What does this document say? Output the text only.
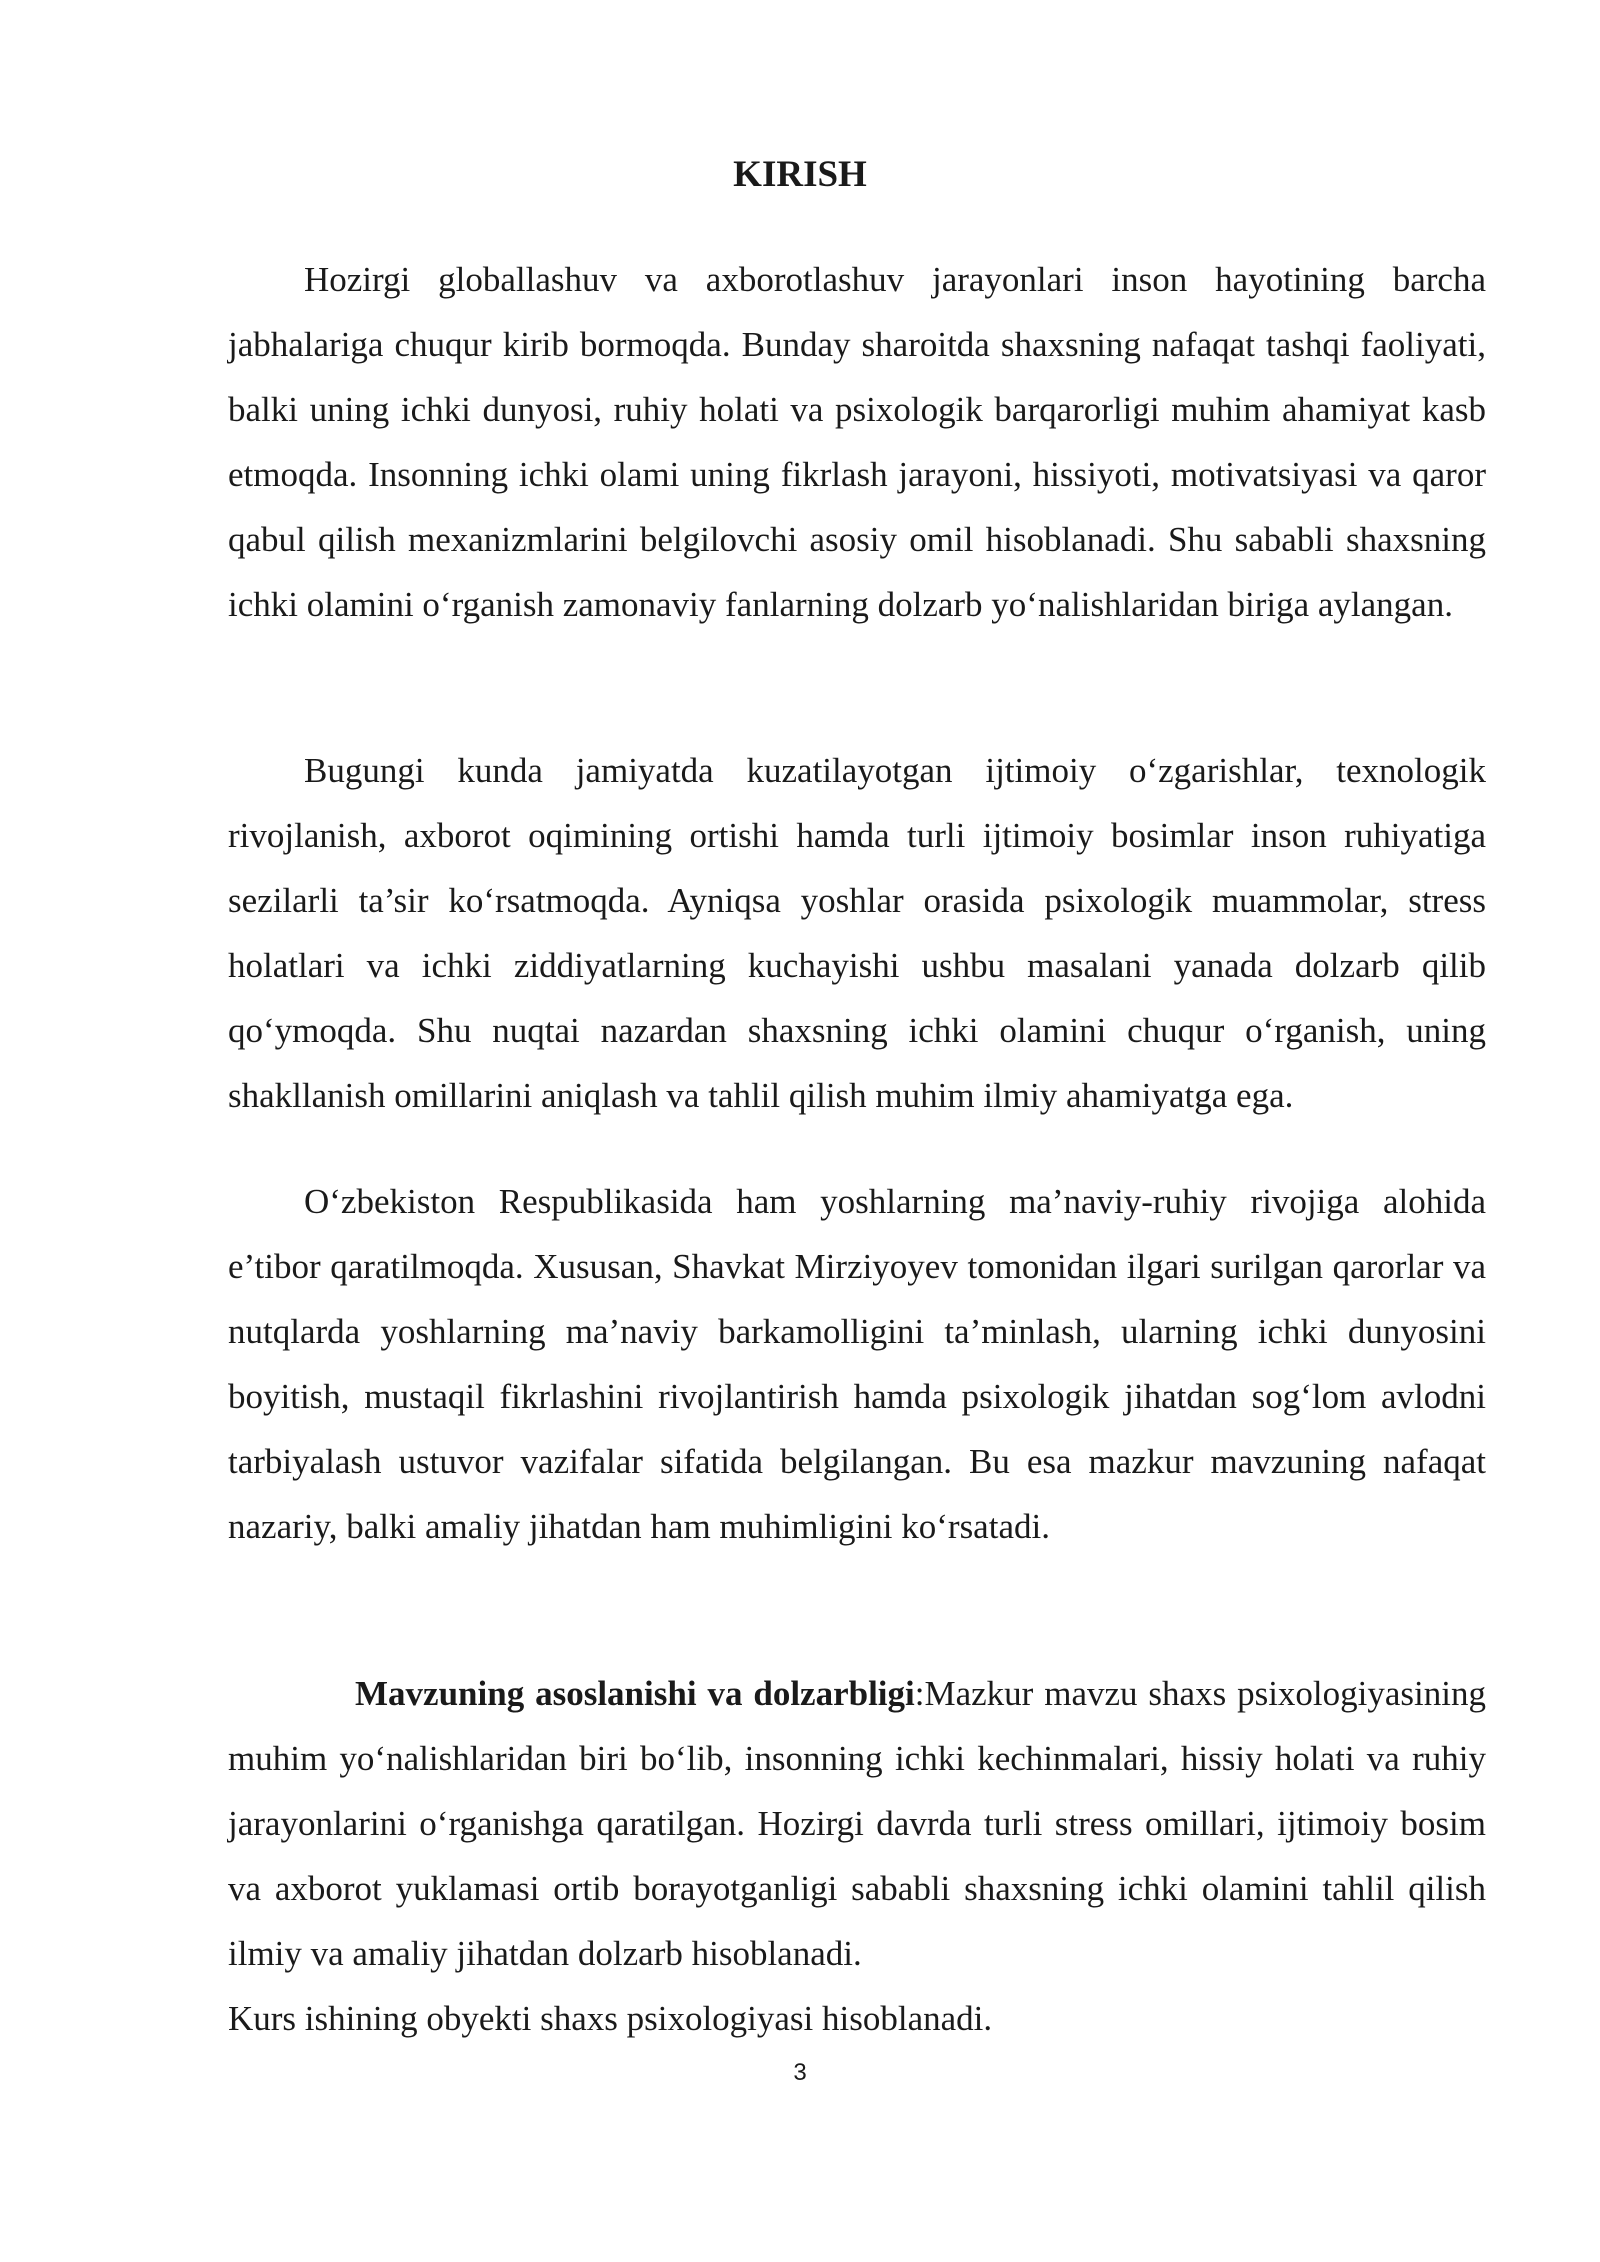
KIRISH

Hozirgi globallashuv va axborotlashuv jarayonlari inson hayotining barcha jabhalariga chuqur kirib bormoqda. Bunday sharoitda shaxsning nafaqat tashqi faoliyati, balki uning ichki dunyosi, ruhiy holati va psixologik barqarorligi muhim ahamiyat kasb etmoqda. Insonning ichki olami uning fikrlash jarayoni, hissiyoti, motivatsiyasi va qaror qabul qilish mexanizmlarini belgilovchi asosiy omil hisoblanadi. Shu sababli shaxsning ichki olamini o‘rganish zamonaviy fanlarning dolzarb yo‘nalishlaridan biriga aylangan.

Bugungi kunda jamiyatda kuzatilayotgan ijtimoiy o‘zgarishlar, texnologik rivojlanish, axborot oqimining ortishi hamda turli ijtimoiy bosimlar inson ruhiyatiga sezilarli ta’sir ko‘rsatmoqda. Ayniqsa yoshlar orasida psixologik muammolar, stress holatlari va ichki ziddiyatlarning kuchayishi ushbu masalani yanada dolzarb qilib qo‘ymoqda. Shu nuqtai nazardan shaxsning ichki olamini chuqur o‘rganish, uning shakllanish omillarini aniqlash va tahlil qilish muhim ilmiy ahamiyatga ega.

O‘zbekiston Respublikasida ham yoshlarning ma’naviy-ruhiy rivojiga alohida e’tibor qaratilmoqda. Xususan, Shavkat Mirziyoyev tomonidan ilgari surilgan qarorlar va nutqlarda yoshlarning ma’naviy barkamolligini ta’minlash, ularning ichki dunyosini boyitish, mustaqil fikrlashini rivojlantirish hamda psixologik jihatdan sog‘lom avlodni tarbiyalash ustuvor vazifalar sifatida belgilangan. Bu esa mazkur mavzuning nafaqat nazariy, balki amaliy jihatdan ham muhimligini ko‘rsatadi.

Mavzuning asoslanishi va dolzarbligi:Mazkur mavzu shaxs psixologiyasining muhim yo‘nalishlaridan biri bo‘lib, insonning ichki kechinmalari, hissiy holati va ruhiy jarayonlarini o‘rganishga qaratilgan. Hozirgi davrda turli stress omillari, ijtimoiy bosim va axborot yuklamasi ortib borayotganligi sababli shaxsning ichki olamini tahlil qilish ilmiy va amaliy jihatdan dolzarb hisoblanadi.

Kurs ishining obyekti shaxs psixologiyasi hisoblanadi.

3
